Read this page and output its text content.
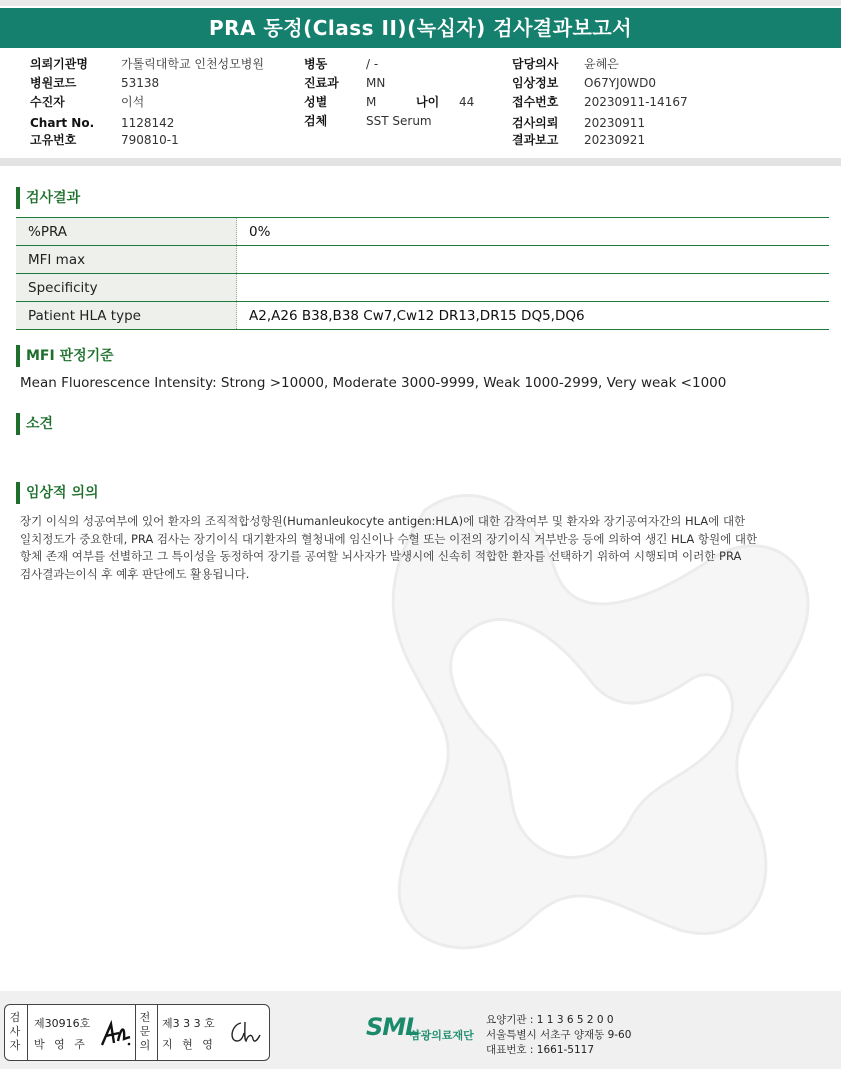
PRA 동정(Class II)(녹십자) 검사결과보고서
의뢰기관명	가톨릭대학교 인천성모병원
병원코드	53138
수진자	이석
Chart No. 1128142
고유번호	790810-1
병동	/ -
진료과 MN
성별	M	나이 44
검체	SST Serum
담당의사 윤혜은
임상정보 O67YJ0WD0
접수번호 20230911-14167
검사의뢰 20230911
결과보고 20230921
검사결과
%PRA	0%
MFI max	
Specificity	
Patient HLA type	A2,A26 B38,B38 Cw7,Cw12 DR13,DR15 DQ5,DQ6
MFI 판정기준
Mean Fluorescence Intensity: Strong >10000, Moderate 3000-9999, Weak 1000-2999, Very weak <1000
소견
임상적 의의
장기 이식의 성공여부에 있어 환자의 조직적합성항원(Humanleukocyte antigen:HLA)에 대한 감작여부 및 환자와 장기공여자간의 HLA에 대한
일치정도가 중요한데, PRA 검사는 장기이식 대기환자의 혈청내에 임신이나 수혈 또는 이전의 장기이식 거부반응 등에 의하여 생긴 HLA 항원에 대한
항체 존재 여부를 선별하고 그 특이성을 동정하여 장기를 공여할 뇌사자가 발생시에 신속히 적합한 환자를 선택하기 위하여 시행되며 이러한 PRA
검사결과는이식 후 예후 판단에도 활용됩니다.
검
사
자
제30916호
박 영 주
전
문
의
제3 3 3 호
지 현 영
SML
삼광의료재단
요양기관 : 1 1 3 6 5 2 0 0
서울특별시 서초구 양재동 9-60
대표번호 : 1661-5117
